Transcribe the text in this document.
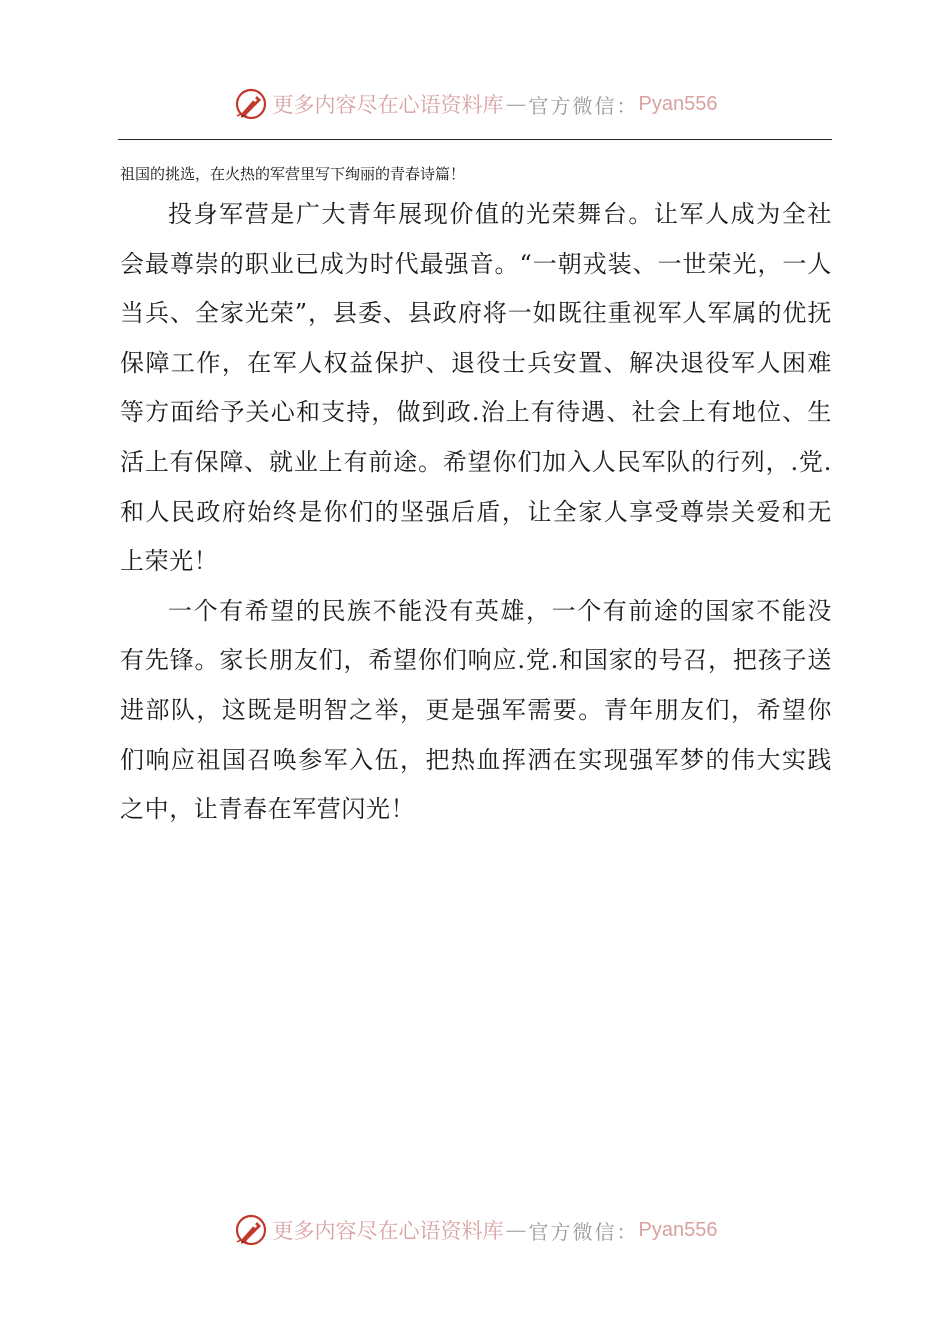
更多内容尽在心语资料库 — 官方微信： Pyan556
祖国的挑选，在火热的军营里写下绚丽的青春诗篇！

投身军营是广大青年展现价值的光荣舞台。让军人成为全社会最尊崇的职业已成为时代最强音。“一朝戎装、一世荣光，一人当兵、全家光荣”，县委、县政府将一如既往重视军人军属的优抚保障工作，在军人权益保护、退役士兵安置、解决退役军人困难等方面给予关心和支持，做到政.治上有待遇、社会上有地位、生活上有保障、就业上有前途。希望你们加入人民军队的行列，.党.和人民政府始终是你们的坚强后盾，让全家人享受尊崇关爱和无上荣光！

一个有希望的民族不能没有英雄，一个有前途的国家不能没有先锋。家长朋友们，希望你们响应.党.和国家的号召，把孩子送进部队，这既是明智之举，更是强军需要。青年朋友们，希望你们响应祖国召唤参军入伍，把热血挥洒在实现强军梦的伟大实践之中，让青春在军营闪光！

更多内容尽在心语资料库 — 官方微信： Pyan556
